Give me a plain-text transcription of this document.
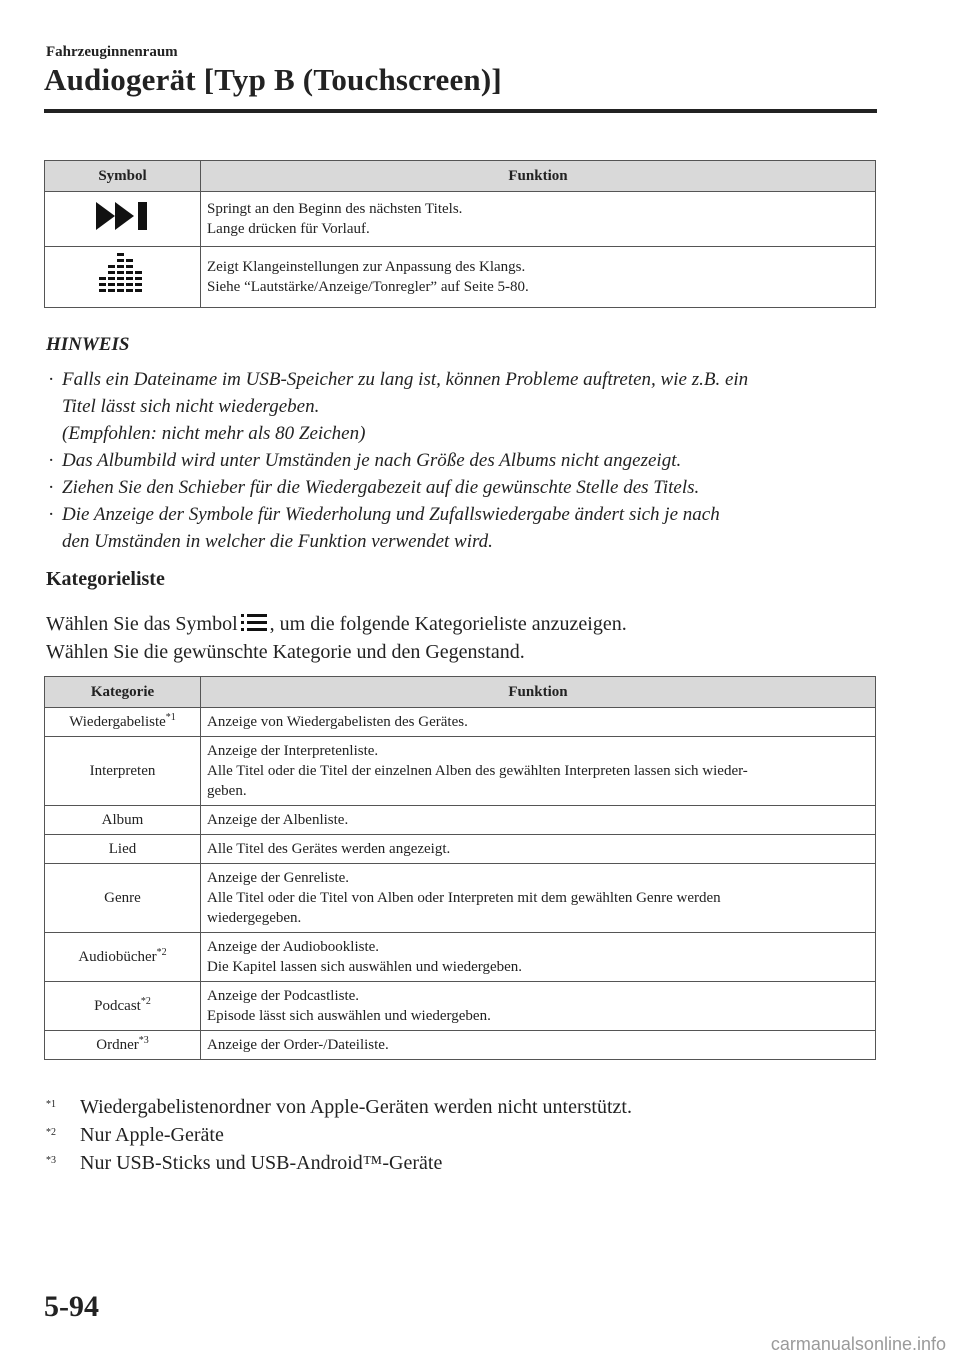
Fahrzeuginnenraum
Audiogerät [Typ B (Touchscreen)]
Symbol	Funktion

Springt an den Beginn des nächsten Titels.
Lange drücken für Vorlauf.

Zeigt Klangeinstellungen zur Anpassung des Klangs.
Siehe “Lautstärke/Anzeige/Tonregler” auf Seite 5-80.
HINWEIS

· Falls ein Dateiname im USB-Speicher zu lang ist, können Probleme auftreten, wie z.B. ein
Titel lässt sich nicht wiedergeben.
(Empfohlen: nicht mehr als 80 Zeichen)

· Das Albumbild wird unter Umständen je nach Größe des Albums nicht angezeigt.

· Ziehen Sie den Schieber für die Wiedergabezeit auf die gewünschte Stelle des Titels.

· Die Anzeige der Symbole für Wiederholung und Zufallswiedergabe ändert sich je nach
den Umständen in welcher die Funktion verwendet wird.

Kategorieliste

Wählen Sie das Symbol , um die folgende Kategorieliste anzuzeigen.

Wählen Sie die gewünschte Kategorie und den Gegenstand.

Kategorie	Funktion
Wiedergabeliste$^{*1}$	Anzeige von Wiedergabelisten des Gerätes.

Interpreten	Anzeige der Interpretenliste.
Alle Titel oder die Titel der einzelnen Alben des gewählten Interpreten lassen sich wieder-
geben.

Album	Anzeige der Albenliste.

Lied	Alle Titel des Gerätes werden angezeigt.

Genre	Anzeige der Genreliste.
Alle Titel oder die Titel von Alben oder Interpreten mit dem gewählten Genre werden
wiedergegeben.

Audiobücher$^{*2}$	Anzeige der Audiobookliste.
Die Kapitel lassen sich auswählen und wiedergeben.

Podcast$^{*2}$	Anzeige der Podcastliste.
Episode lässt sich auswählen und wiedergeben.

Ordner$^{*3}$	Anzeige der Order-/Dateiliste.

$^{*1}$ Wiedergabelistenordner von Apple-Geräten werden nicht unterstützt.

$^{*2}$ Nur Apple-Geräte

$^{*3}$ Nur USB-Sticks und USB-Android™-Geräte

5-94
carmanualsonline.info
